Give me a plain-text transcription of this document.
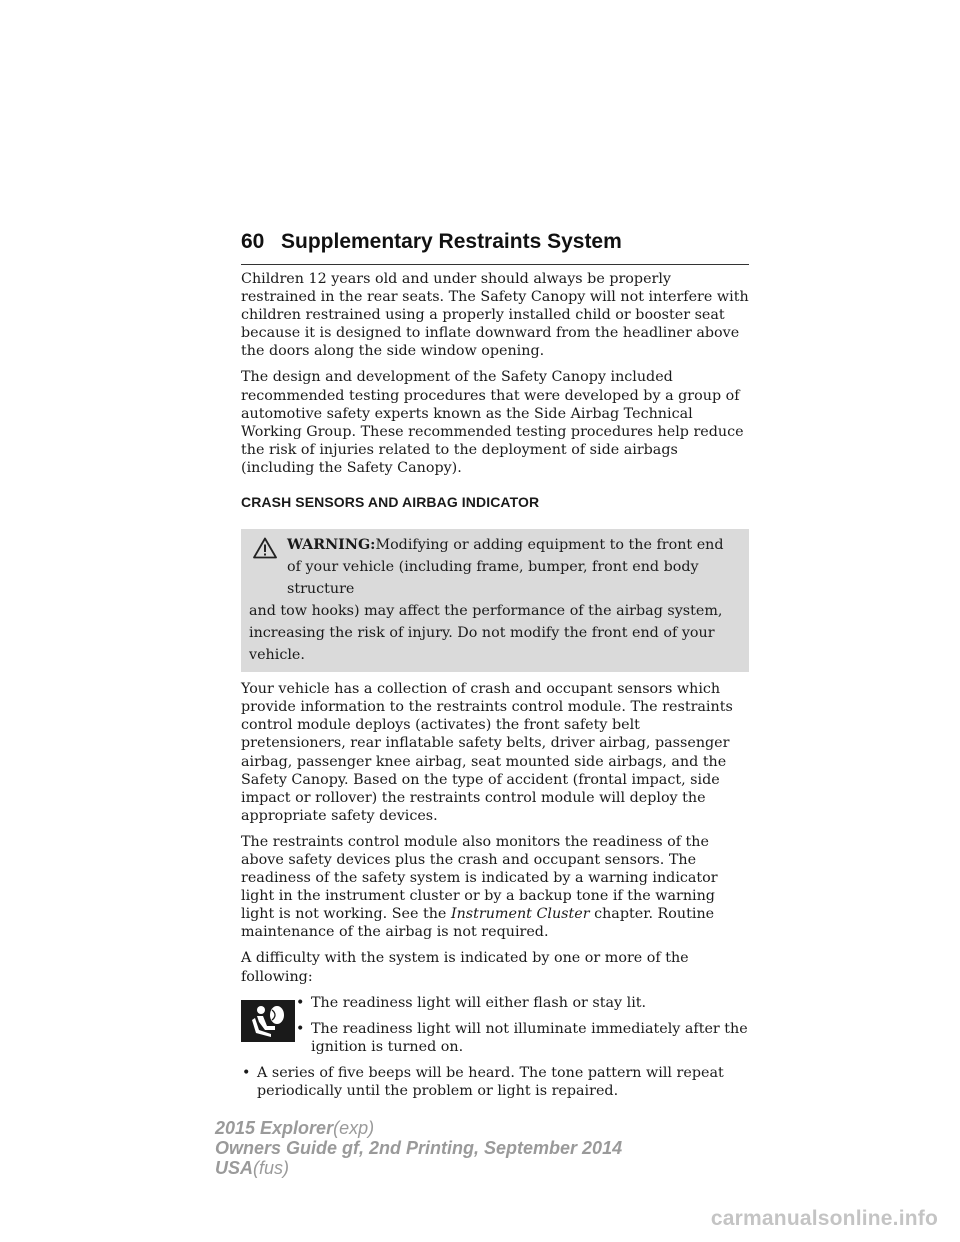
60 Supplementary Restraints System

Children 12 years old and under should always be properly restrained in the rear seats. The Safety Canopy will not interfere with children restrained using a properly installed child or booster seat because it is designed to inflate downward from the headliner above the doors along the side window opening.

The design and development of the Safety Canopy included recommended testing procedures that were developed by a group of automotive safety experts known as the Side Airbag Technical Working Group. These recommended testing procedures help reduce the risk of injuries related to the deployment of side airbags (including the Safety Canopy).

CRASH SENSORS AND AIRBAG INDICATOR

WARNING:Modifying or adding equipment to the front end of your vehicle (including frame, bumper, front end body structure

and tow hooks) may affect the performance of the airbag system, increasing the risk of injury. Do not modify the front end of your vehicle.

Your vehicle has a collection of crash and occupant sensors which provide information to the restraints control module. The restraints control module deploys (activates) the front safety belt pretensioners, rear inflatable safety belts, driver airbag, passenger airbag, passenger knee airbag, seat mounted side airbags, and the Safety Canopy. Based on the type of accident (frontal impact, side impact or rollover) the restraints control module will deploy the appropriate safety devices.

The restraints control module also monitors the readiness of the above safety devices plus the crash and occupant sensors. The readiness of the safety system is indicated by a warning indicator light in the instrument cluster or by a backup tone if the warning light is not working. See the Instrument Cluster chapter. Routine maintenance of the airbag is not required.

A difficulty with the system is indicated by one or more of the following:

• The readiness light will either flash or stay lit.
• The readiness light will not illuminate immediately after the ignition is turned on.
• A series of five beeps will be heard. The tone pattern will repeat periodically until the problem or light is repaired.
2015 Explorer(exp)
Owners Guide gf, 2nd Printing, September 2014
USA(fus)
carmanualsonline.info
